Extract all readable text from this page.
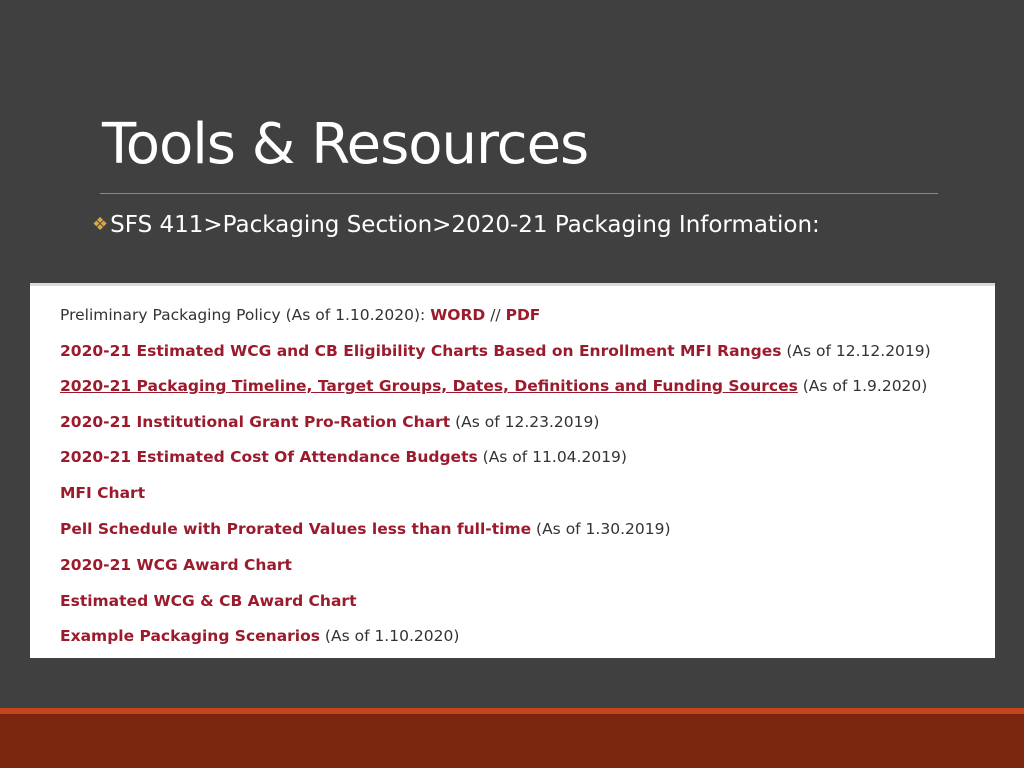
Tools & Resources
❖SFS 411>Packaging Section>2020-21 Packaging Information:
Preliminary Packaging Policy (As of 1.10.2020): WORD // PDF
2020-21 Estimated WCG and CB Eligibility Charts Based on Enrollment MFI Ranges (As of 12.12.2019)
2020-21 Packaging Timeline, Target Groups, Dates, Definitions and Funding Sources (As of 1.9.2020)
2020-21 Institutional Grant Pro-Ration Chart (As of 12.23.2019)
2020-21 Estimated Cost Of Attendance Budgets (As of 11.04.2019)
MFI Chart
Pell Schedule with Prorated Values less than full-time (As of 1.30.2019)
2020-21 WCG Award Chart
Estimated WCG & CB Award Chart
Example Packaging Scenarios (As of 1.10.2020)
